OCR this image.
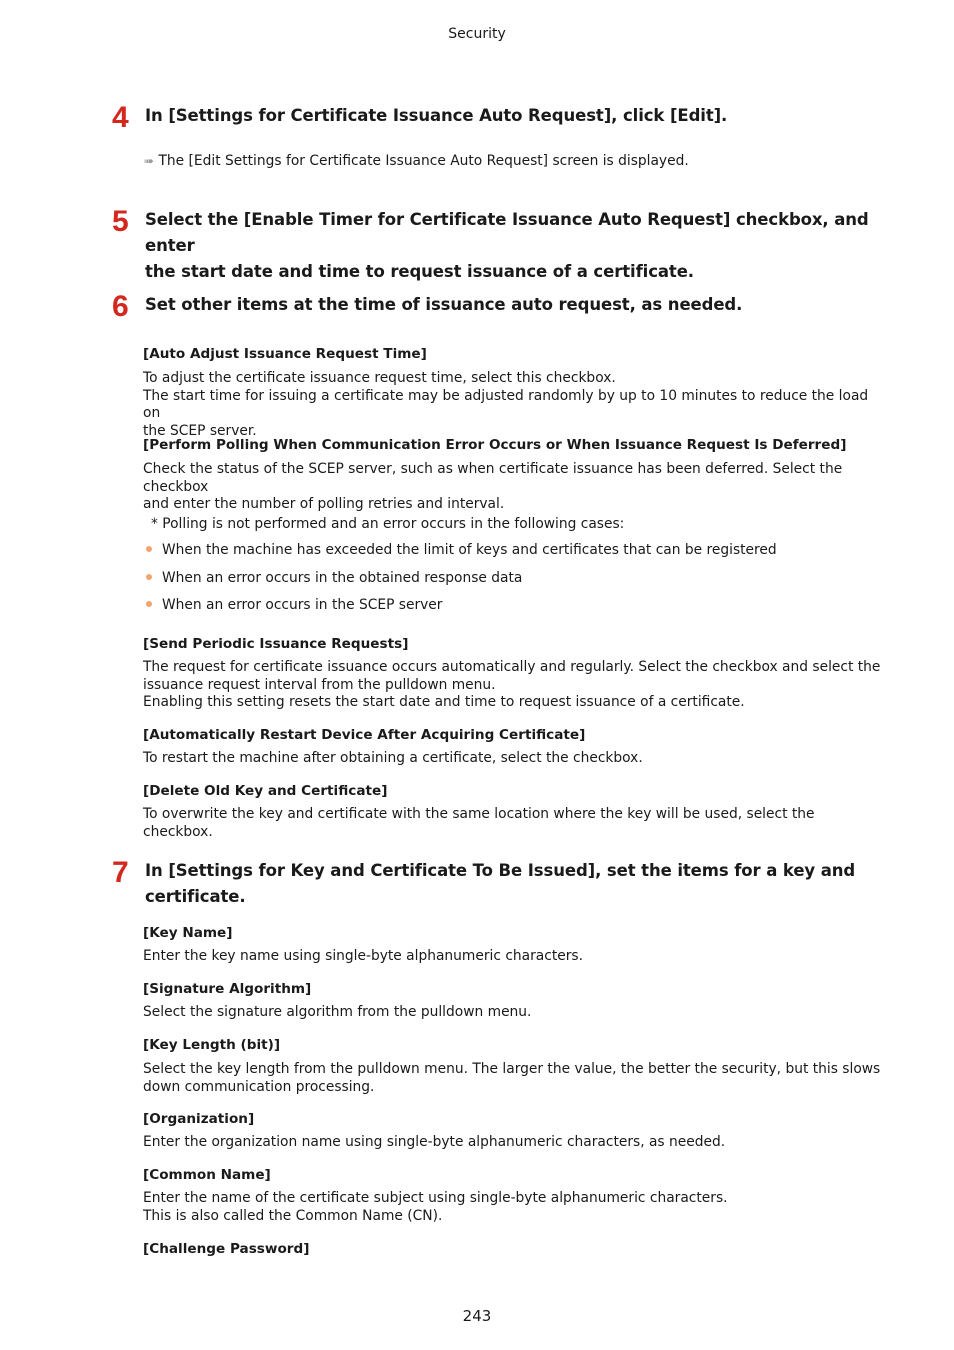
Security
4 In [Settings for Certificate Issuance Auto Request], click [Edit].
➠ The [Edit Settings for Certificate Issuance Auto Request] screen is displayed.
5 Select the [Enable Timer for Certificate Issuance Auto Request] checkbox, and enter
the start date and time to request issuance of a certificate.
6 Set other items at the time of issuance auto request, as needed.
[Auto Adjust Issuance Request Time]
To adjust the certificate issuance request time, select this checkbox.
The start time for issuing a certificate may be adjusted randomly by up to 10 minutes to reduce the load on
the SCEP server.
[Perform Polling When Communication Error Occurs or When Issuance Request Is Deferred]
Check the status of the SCEP server, such as when certificate issuance has been deferred. Select the checkbox
and enter the number of polling retries and interval.
* Polling is not performed and an error occurs in the following cases:
When the machine has exceeded the limit of keys and certificates that can be registered
When an error occurs in the obtained response data
When an error occurs in the SCEP server
[Send Periodic Issuance Requests]
The request for certificate issuance occurs automatically and regularly. Select the checkbox and select the
issuance request interval from the pulldown menu.
Enabling this setting resets the start date and time to request issuance of a certificate.
[Automatically Restart Device After Acquiring Certificate]
To restart the machine after obtaining a certificate, select the checkbox.
[Delete Old Key and Certificate]
To overwrite the key and certificate with the same location where the key will be used, select the checkbox.
7 In [Settings for Key and Certificate To Be Issued], set the items for a key and
certificate.
[Key Name]
Enter the key name using single-byte alphanumeric characters.
[Signature Algorithm]
Select the signature algorithm from the pulldown menu.
[Key Length (bit)]
Select the key length from the pulldown menu. The larger the value, the better the security, but this slows
down communication processing.
[Organization]
Enter the organization name using single-byte alphanumeric characters, as needed.
[Common Name]
Enter the name of the certificate subject using single-byte alphanumeric characters.
This is also called the Common Name (CN).
[Challenge Password]
243
